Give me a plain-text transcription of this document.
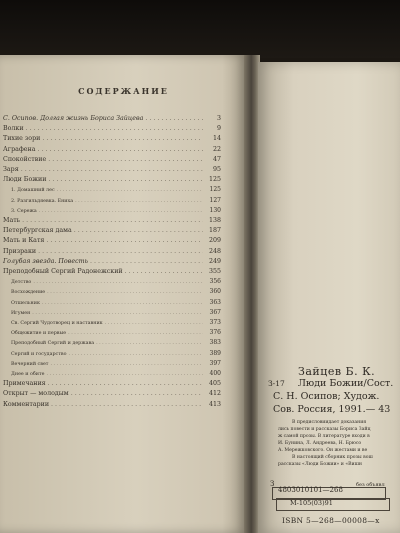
СОДЕРЖАНИЕ
С. Осипов. Долгая жизнь Бориса Зайцева . . .	3
Волки . . .	9
Тихие зори . . .	14
Аграфена . . .	22
Спокойствие . . .	47
Заря . . .	95
Люди Божии . . .	125
1. Домашний лес . . .	125
2. Разгильдяевка. Ениха . . .	127
3. Сережа . . .	130
Мать . . .	138
Петербургская дама . . .	187
Мать и Катя . . .	209
Призраки . . .	248
Голубая звезда. Повесть . . .	249
Преподобный Сергий Радонежский . . .	355
Детство . . .	356
Восхождение . . .	360
Отшельник . . .	363
Игумен . . .	367
Св. Сергий Чудотворец и наставник . . .	373
Общежитие и первые . . .	376
Преподобный Сергий и держава . . .	383
Сергий и государство . . .	389
Вечерний свет . . .	397
Днее и обите . . .	400
Примечания . . .	405
Открыт — молодым . . .	412
Комментарии . . .	413
З-17
Зайцев Б. К.
Люди Божии/Сост.
С. Н. Осипов; Худож.
Сов. Россия, 1991.— 43
В предисловиидает доказания
лись повести и рассказы Бориса Зайц
ж самой прозы. В литературе входи в
И. Бунина, Л. Андреева, Н. Брюсо
А. Мережковского. Он жестами и ве
В настоящий сборник прозы вош
рассказы «Люди Божии» и «Вишн
З
4803010101—268
без объявл
М-105(03)91
ISBN 5—268—00008—х
